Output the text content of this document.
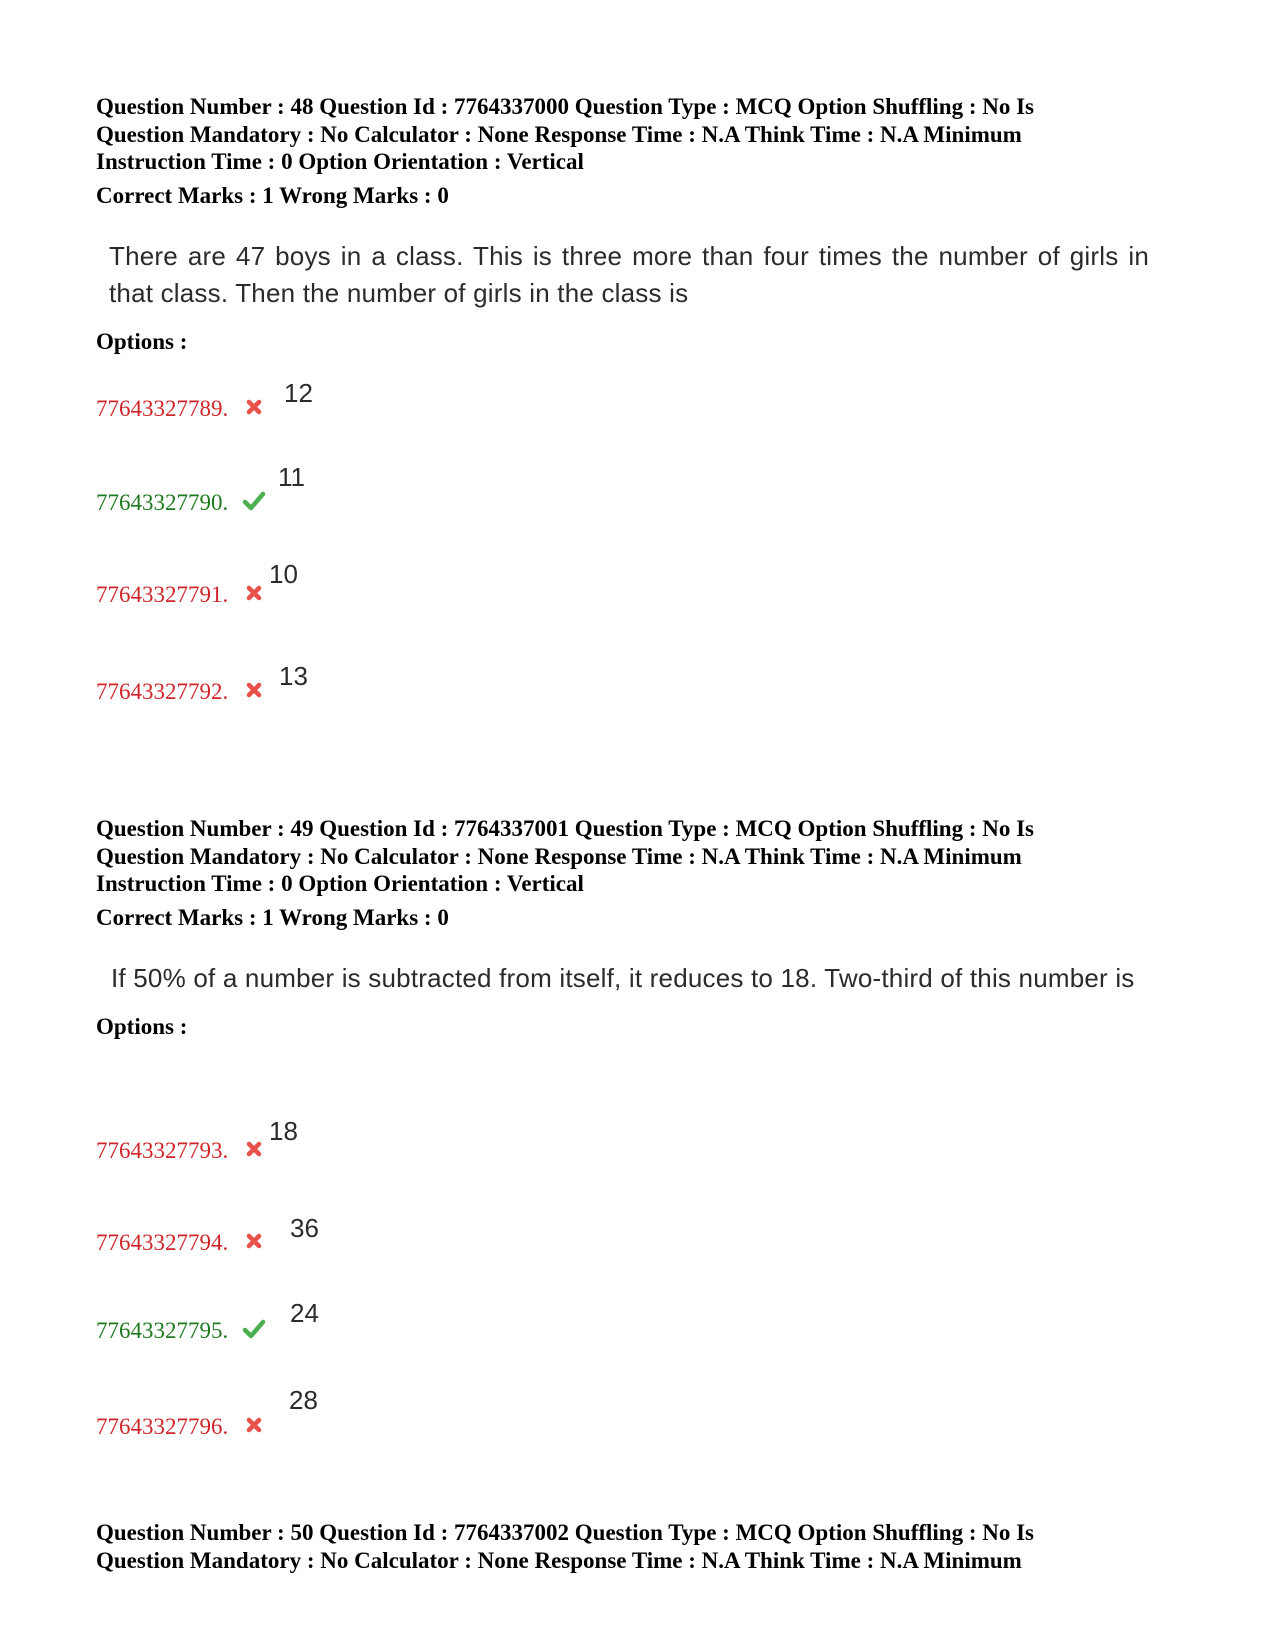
Question Number : 48 Question Id : 7764337000 Question Type : MCQ Option Shuffling : No Is
Question Mandatory : No Calculator : None Response Time : N.A Think Time : N.A Minimum
Instruction Time : 0 Option Orientation : Vertical
Correct Marks : 1 Wrong Marks : 0
There are 47 boys in a class. This is three more than four times the number of girls in that class. Then the number of girls in the class is
Options :
77643327789.
12
77643327790.
11
77643327791.
10
77643327792.
13
Question Number : 49 Question Id : 7764337001 Question Type : MCQ Option Shuffling : No Is
Question Mandatory : No Calculator : None Response Time : N.A Think Time : N.A Minimum
Instruction Time : 0 Option Orientation : Vertical
Correct Marks : 1 Wrong Marks : 0
If 50% of a number is subtracted from itself, it reduces to 18. Two-third of this number is
Options :
77643327793.
18
77643327794. 36
77643327795.
24
77643327796.
28
Question Number : 50 Question Id : 7764337002 Question Type : MCQ Option Shuffling : No Is
Question Mandatory : No Calculator : None Response Time : N.A Think Time : N.A Minimum
